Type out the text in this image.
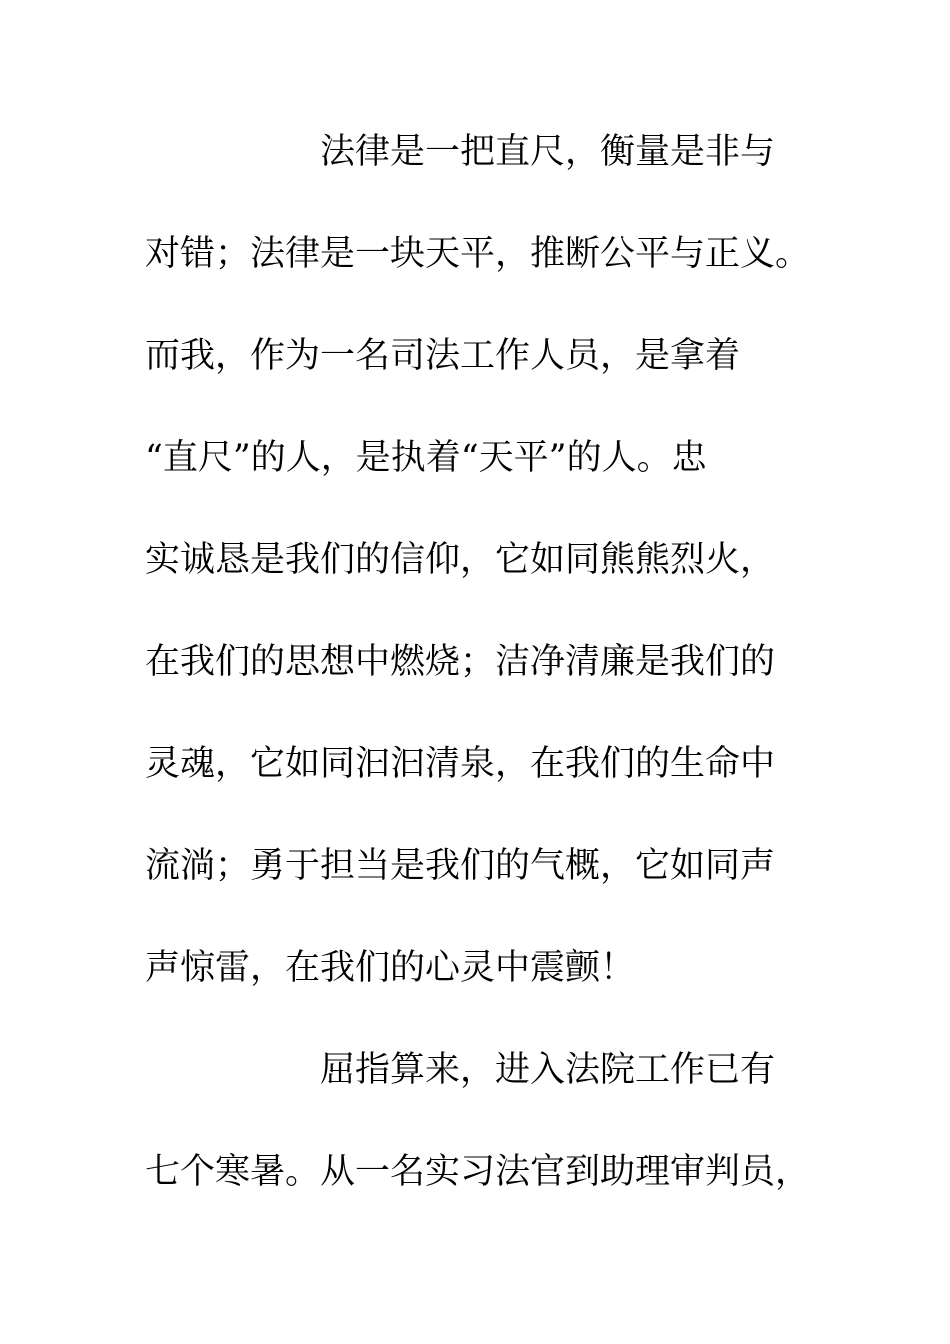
法律是一把直尺，衡量是非与
对错；法律是一块天平，推断公平与正义。
而我，作为一名司法工作人员，是拿着
“直尺”的人，是执着“天平”的人。忠
实诚恳是我们的信仰，它如同熊熊烈火，
在我们的思想中燃烧；洁净清廉是我们的
灵魂，它如同汩汩清泉，在我们的生命中
流淌；勇于担当是我们的气概，它如同声
声惊雷，在我们的心灵中震颤！
屈指算来，进入法院工作已有
七个寒暑。从一名实习法官到助理审判员，
